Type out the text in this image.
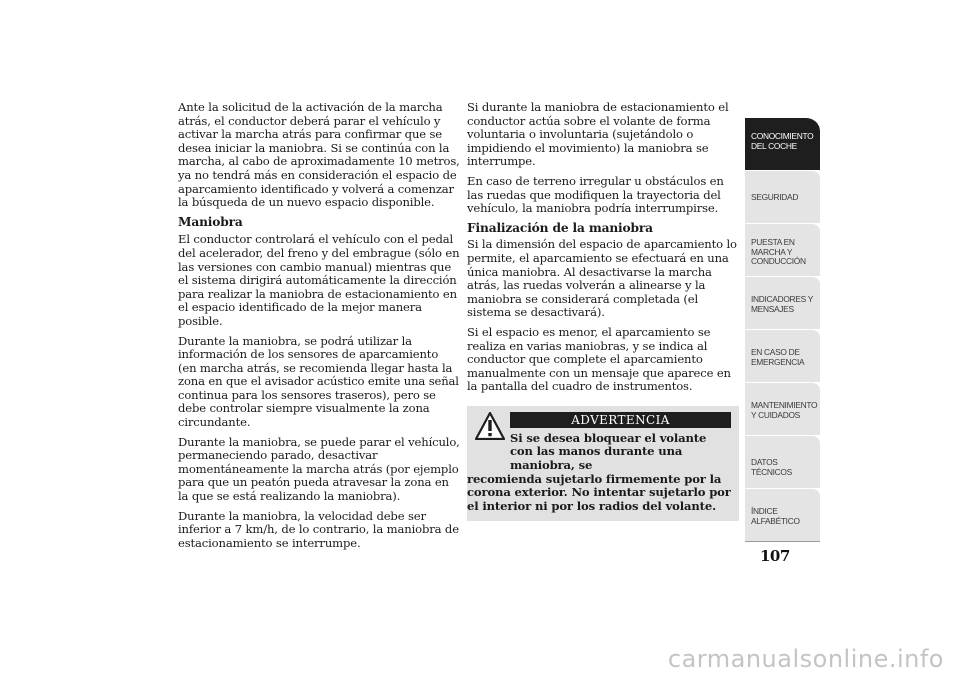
Ante la solicitud de la activación de la marcha atrás, el conductor deberá parar el vehículo y activar la marcha atrás para confirmar que se desea iniciar la maniobra. Si se continúa con la marcha, al cabo de aproximadamente 10 metros, ya no tendrá más en consideración el espacio de aparcamiento identificado y volverá a comenzar la búsqueda de un nuevo espacio disponible.

Maniobra

El conductor controlará el vehículo con el pedal del acelerador, del freno y del embrague (sólo en las versiones con cambio manual) mientras que el sistema dirigirá automáticamente la dirección para realizar la maniobra de estacionamiento en el espacio identificado de la mejor manera posible.

Durante la maniobra, se podrá utilizar la información de los sensores de aparcamiento (en marcha atrás, se recomienda llegar hasta la zona en que el avisador acústico emite una señal continua para los sensores traseros), pero se debe controlar siempre visualmente la zona circundante.

Durante la maniobra, se puede parar el vehículo, permaneciendo parado, desactivar momentáneamente la marcha atrás (por ejemplo para que un peatón pueda atravesar la zona en la que se está realizando la maniobra).

Durante la maniobra, la velocidad debe ser inferior a 7 km/h, de lo contrario, la maniobra de estacionamiento se interrumpe.

Si durante la maniobra de estacionamiento el conductor actúa sobre el volante de forma voluntaria o involuntaria (sujetándolo o impidiendo el movimiento) la maniobra se interrumpe.

En caso de terreno irregular u obstáculos en las ruedas que modifiquen la trayectoria del vehículo, la maniobra podría interrumpirse.

Finalización de la maniobra

Si la dimensión del espacio de aparcamiento lo permite, el aparcamiento se efectuará en una única maniobra. Al desactivarse la marcha atrás, las ruedas volverán a alinearse y la maniobra se considerará completada (el sistema se desactivará).

Si el espacio es menor, el aparcamiento se realiza en varias maniobras, y se indica al conductor que complete el aparcamiento manualmente con un mensaje que aparece en la pantalla del cuadro de instrumentos.

ADVERTENCIA
Si se desea bloquear el volante con las manos durante una maniobra, se
recomienda sujetarlo firmemente por la corona exterior. No intentar sujetarlo por el interior ni por los radios del volante.
CONOCIMIENTO DEL COCHE
SEGURIDAD
PUESTA EN MARCHA Y CONDUCCIÓN
INDICADORES Y MENSAJES
EN CASO DE EMERGENCIA
MANTENIMIENTO Y CUIDADOS
DATOS TÉCNICOS
ÍNDICE ALFABÉTICO
107
carmanualsonline.info
